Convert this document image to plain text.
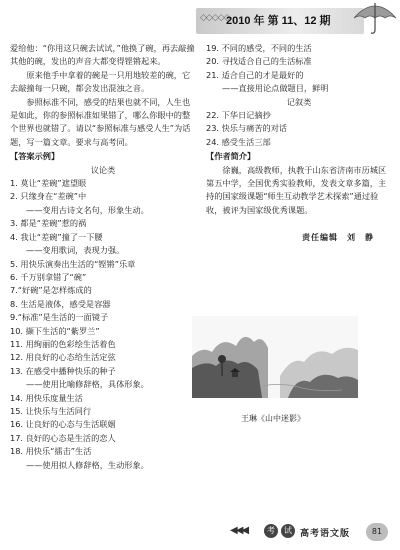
◇◇◇◇◇
2010 年 第 11、12 期

爱给他：“你用这只碗去试试，”他换了碗，再去敲撞其他的碗，发出的声音大都变得铿锵起来。

原来他手中拿着的碗是一只用地较差的碗，它去敲撞每一只碗，都会发出混浊之音。

参照标准不同，感受的结果也就不同，人生也是如此，你的参照标准如果错了，哪么你眼中的整个世界也就错了。请以“参照标准与感受人生”为话题，写一篇文章。要求与高考同。

【答案示例】
议论类
1. 莫让“差碗”遮望眼
2. 只缘身在“差碗”中
——变用古诗文名句，形象生动。
3. 都是“差碗”惹的祸
4. 我让“差碗”撞了一下腰
——变用歌词，表现力强。
5. 用快乐演奏出生活的“铿锵”乐章
6. 千万别拿错了“碗”
7.“好碗”是怎样炼成的
8. 生活是液体，感受是容器
9.“标准”是生活的一面镜子
10. 撷下生活的“紫罗兰”
11. 用绚丽的色彩绘生活着色
12. 用良好的心态给生活定弦
13. 在感受中播种快乐的种子
——使用比喻修辞格，具体形象。
14. 用快乐度量生活
15. 让快乐与生活同行
16. 让良好的心态与生活联姻
17. 良好的心态是生活的恋人
18. 用快乐“擂击”生活
——使用拟人修辞格，生动形象。
19. 不同的感受，不同的生活
20. 寻找适合自己的生活标准
21. 适合自己的才是最好的
——直接用论点做题目，鲜明
记叙类
22. 下华日记摘抄
23. 快乐与痛苦的对话
24. 感受生活三部
【作者简介】

徐巍，高级教师，执教于山东省济南市历城区第五中学，全国优秀实验教师，发表文章多篇，主持的国家级课题“师生互动教学艺术探索”通过验收，被评为国家级优秀课题。

责任编辑　刘　静
王琳《山中迷影》
◀◀◀	考	试 高考语文版	81
